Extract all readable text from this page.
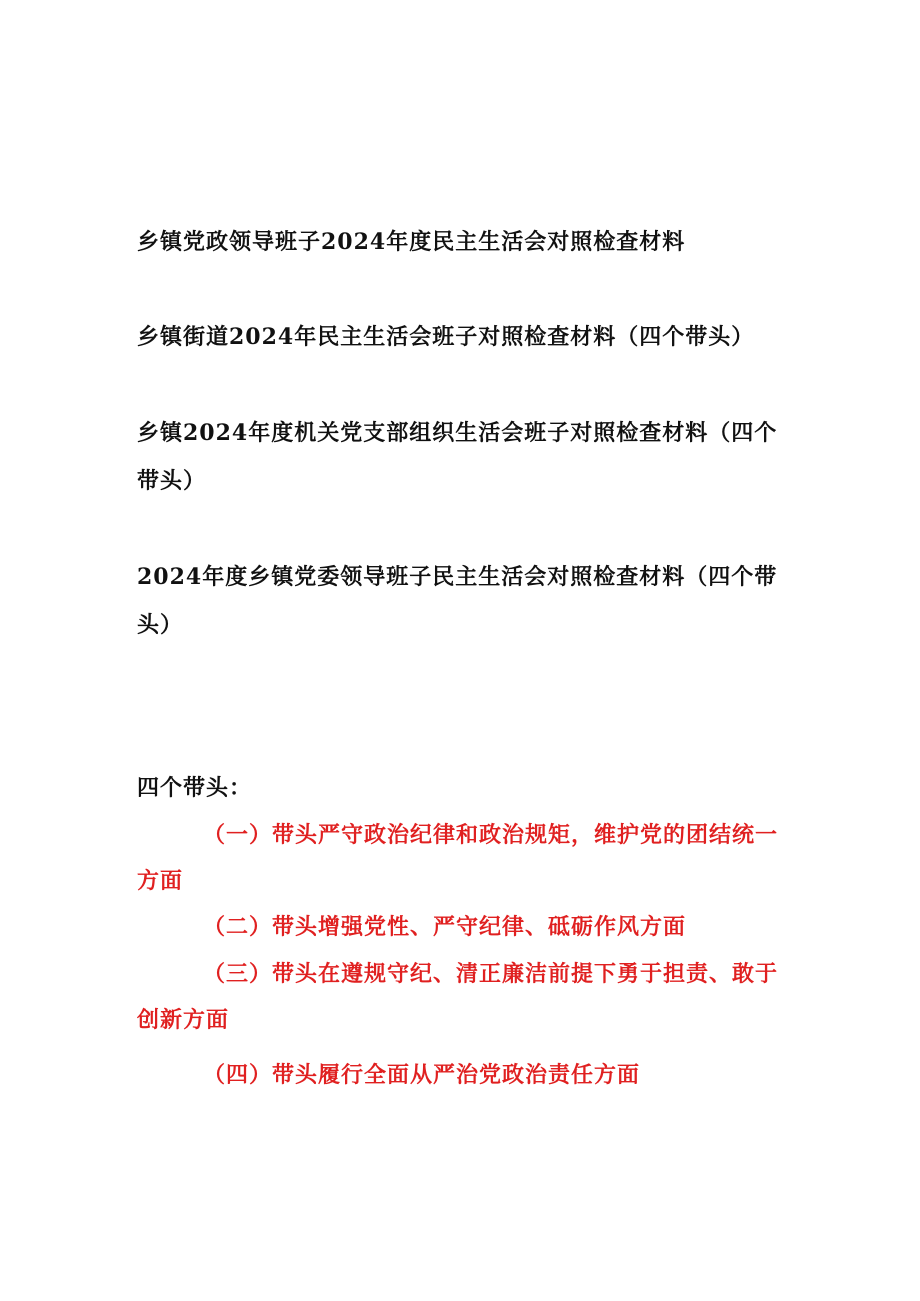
乡镇党政领导班子2024年度民主生活会对照检查材料

乡镇街道2024年民主生活会班子对照检查材料（四个带头）

乡镇2024年度机关党支部组织生活会班子对照检查材料（四个带头）

2024年度乡镇党委领导班子民主生活会对照检查材料（四个带头）

四个带头：

（一）带头严守政治纪律和政治规矩，维护党的团结统一方面

（二）带头增强党性、严守纪律、砥砺作风方面

（三）带头在遵规守纪、清正廉洁前提下勇于担责、敢于创新方面

（四）带头履行全面从严治党政治责任方面
